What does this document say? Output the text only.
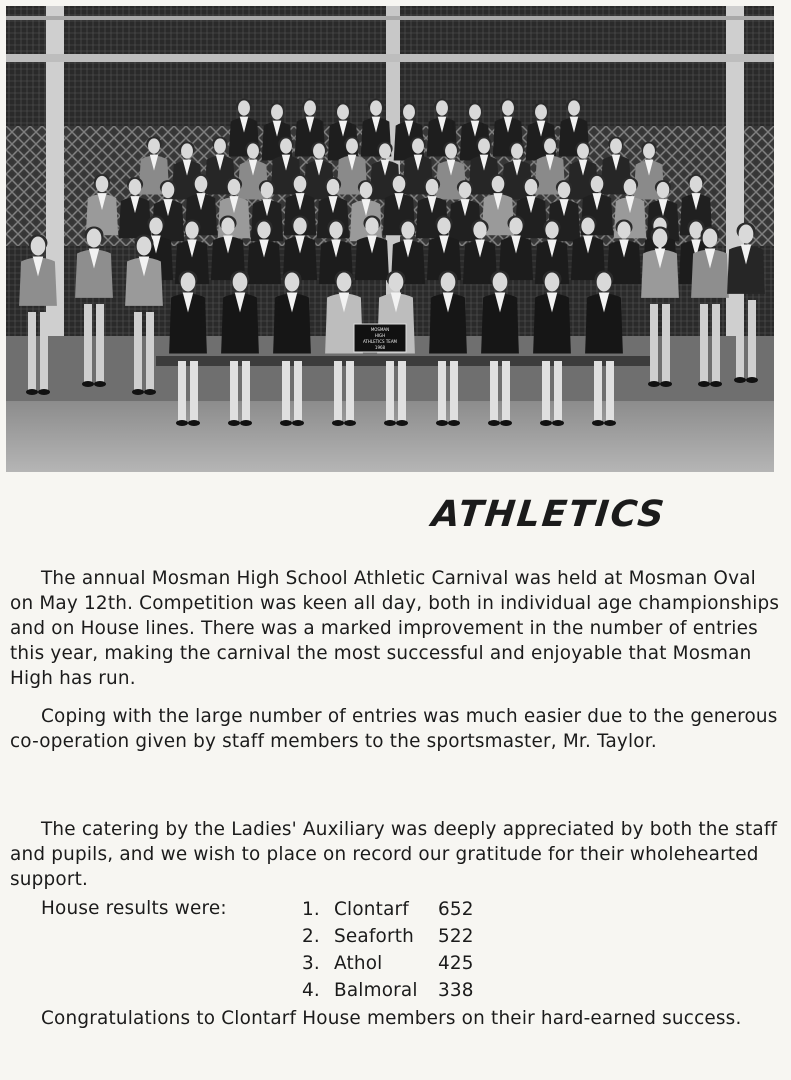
MOSMAN
HIGH
ATHLETICS TEAM
1968
ATHLETICS

The annual Mosman High School Athletic Carnival was held at Mosman Oval on May 12th. Competition was keen all day, both in individual age championships and on House lines. There was a marked improvement in the number of entries this year, making the carnival the most successful and enjoyable that Mosman High has run.

Coping with the large number of entries was much easier due to the generous co-operation given by staff members to the sportsmaster, Mr. Taylor.

The catering by the Ladies' Auxiliary was deeply appreciated by both the staff and pupils, and we wish to place on record our gratitude for their wholehearted support.

House results were:	1. Clontarf	652
2. Seaforth	522
3. Athol	425
4. Balmoral	338

Congratulations to Clontarf House members on their hard-earned success.
